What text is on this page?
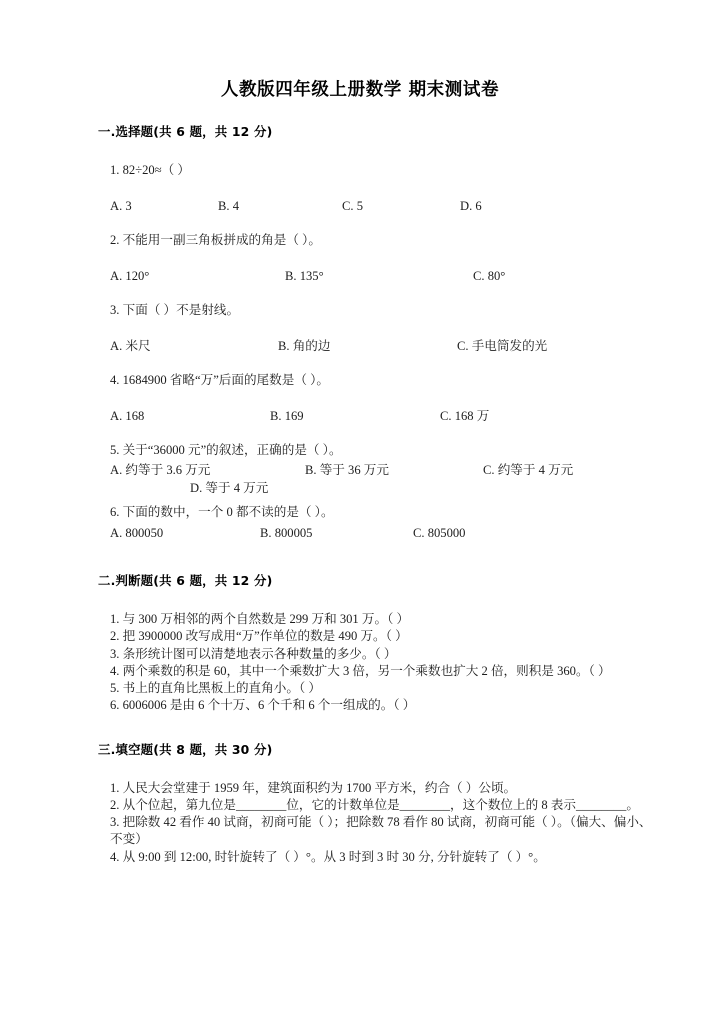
人教版四年级上册数学 期末测试卷
一.选择题(共 6 题，共 12 分)
1. 82÷20≈（ ）
A. 3	B. 4	C. 5	D. 6
2. 不能用一副三角板拼成的角是（ ）。
A. 120°	B. 135°	C. 80°
3. 下面（ ）不是射线。
A. 米尺	B. 角的边	C. 手电筒发的光
4. 1684900 省略“万”后面的尾数是（ ）。
A. 168	B. 169	C. 168 万
5. 关于“36000 元”的叙述，正确的是（ ）。
A. 约等于 3.6 万元	B. 等于 36 万元	C. 约等于 4 万元
D. 等于 4 万元
6. 下面的数中，一个 0 都不读的是（ ）。
A. 800050	B. 800005	C. 805000
二.判断题(共 6 题，共 12 分)
1. 与 300 万相邻的两个自然数是 299 万和 301 万。（ ）
2. 把 3900000 改写成用“万”作单位的数是 490 万。（ ）
3. 条形统计图可以清楚地表示各种数量的多少。（ ）
4. 两个乘数的积是 60，其中一个乘数扩大 3 倍，另一个乘数也扩大 2 倍，则积是 360。（ ）
5. 书上的直角比黑板上的直角小。（ ）
6. 6006006 是由 6 个十万、6 个千和 6 个一组成的。（ ）
三.填空题(共 8 题，共 30 分)
1. 人民大会堂建于 1959 年，建筑面积约为 1700 平方米，约合（ ）公顷。
2. 从个位起，第九位是________位，它的计数单位是________，这个数位上的 8 表示________。
3. 把除数 42 看作 40 试商，初商可能（ ）；把除数 78 看作 80 试商，初商可能（ ）。（偏大、偏小、不变）
4. 从 9:00 到 12:00, 时针旋转了（ ）°。从 3 时到 3 时 30 分, 分针旋转了（ ）°。
